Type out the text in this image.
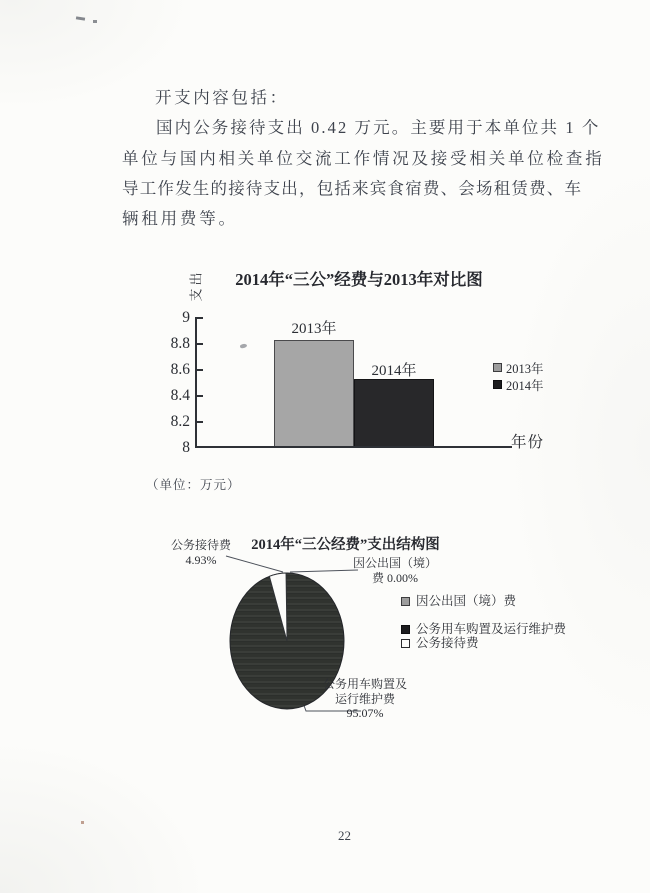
开支内容包括：
国内公务接待支出 0.42 万元。主要用于本单位共 1 个
单位与国内相关单位交流工作情况及接受相关单位检查指
导工作发生的接待支出，包括来宾食宿费、会场租赁费、车
辆租用费等。
支出	2014年“三公”经费与2013年对比图
9
8.8
8.6
8.4
8.2
8
2013年
2014年	2013年
2014年
年份
（单位：万元）
2014年“三公经费”支出结构图
公务接待费
4.93%	因公出国（境）
费 0.00%
公务用车购置及
运行维护费
95.07%
因公出国（境）费
公务用车购置及运行维护费
公务接待费
22
